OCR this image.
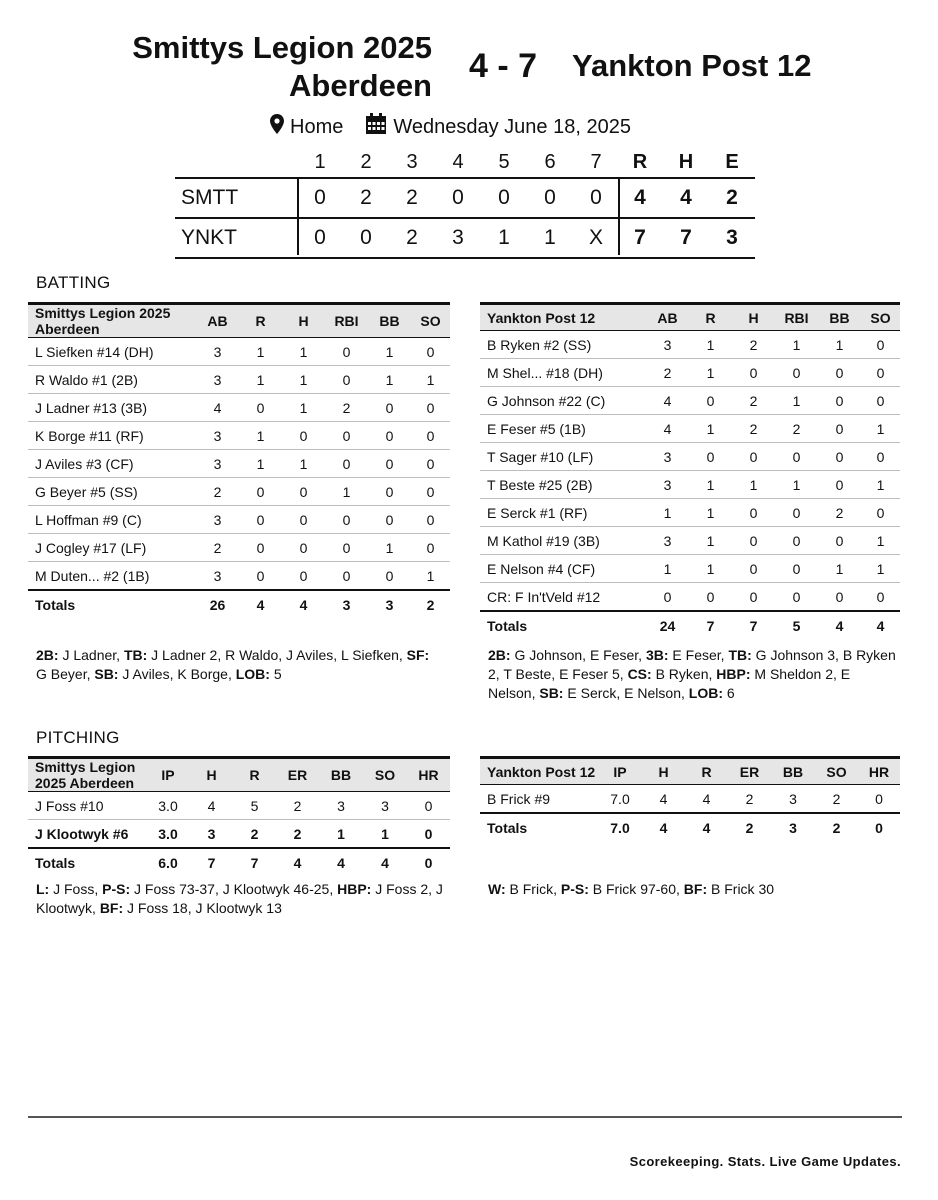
Smittys Legion 2025
Aberdeen
4 - 7 Yankton Post 12
Home	Wednesday June 18, 2025
1	2	3	4	5	6	7	R	H	E
SMTT	0	2	2	0	0	0	0	4	4	2
YNKT	0	0	2	3	1	1	X	7	7	3
BATTING
Smittys Legion 2025 Aberdeen	AB	R	H	RBI	BB	SO
L Siefken #14 (DH)	3	1	1	0	1	0
R Waldo #1 (2B)	3	1	1	0	1	1
J Ladner #13 (3B)	4	0	1	2	0	0
K Borge #11 (RF)	3	1	0	0	0	0
J Aviles #3 (CF)	3	1	1	0	0	0
G Beyer #5 (SS)	2	0	0	1	0	0
L Hoffman #9 (C)	3	0	0	0	0	0
J Cogley #17 (LF)	2	0	0	0	1	0
M Duten... #2 (1B)	3	0	0	0	0	1
Totals	26	4	4	3	3	2
Yankton Post 12	AB	R	H	RBI	BB	SO
B Ryken #2 (SS)	3	1	2	1	1	0
M Shel... #18 (DH)	2	1	0	0	0	0
G Johnson #22 (C)	4	0	2	1	0	0
E Feser #5 (1B)	4	1	2	2	0	1
T Sager #10 (LF)	3	0	0	0	0	0
T Beste #25 (2B)	3	1	1	1	0	1
E Serck #1 (RF)	1	1	0	0	2	0
M Kathol #19 (3B)	3	1	0	0	0	1
E Nelson #4 (CF)	1	1	0	0	1	1
CR: F In'tVeld #12	0	0	0	0	0	0
Totals	24	7	7	5	4	4
2B: J Ladner, TB: J Ladner 2, R Waldo, J Aviles, L Siefken, SF: G Beyer, SB: J Aviles, K Borge, LOB: 5
2B: G Johnson, E Feser, 3B: E Feser, TB: G Johnson 3, B Ryken 2, T Beste, E Feser 5, CS: B Ryken, HBP: M Sheldon 2, E Nelson, SB: E Serck, E Nelson, LOB: 6
PITCHING
Smittys Legion 2025 Aberdeen	IP	H	R	ER	BB	SO	HR
J Foss #10	3.0	4	5	2	3	3	0
J Klootwyk #6	3.0	3	2	2	1	1	0
Totals	6.0	7	7	4	4	4	0
Yankton Post 12	IP	H	R	ER	BB	SO	HR
B Frick #9	7.0	4	4	2	3	2	0
Totals	7.0	4	4	2	3	2	0
L: J Foss, P-S: J Foss 73-37, J Klootwyk 46-25, HBP: J Foss 2, J Klootwyk, BF: J Foss 18, J Klootwyk 13
W: B Frick, P-S: B Frick 97-60, BF: B Frick 30
Scorekeeping. Stats. Live Game Updates.
